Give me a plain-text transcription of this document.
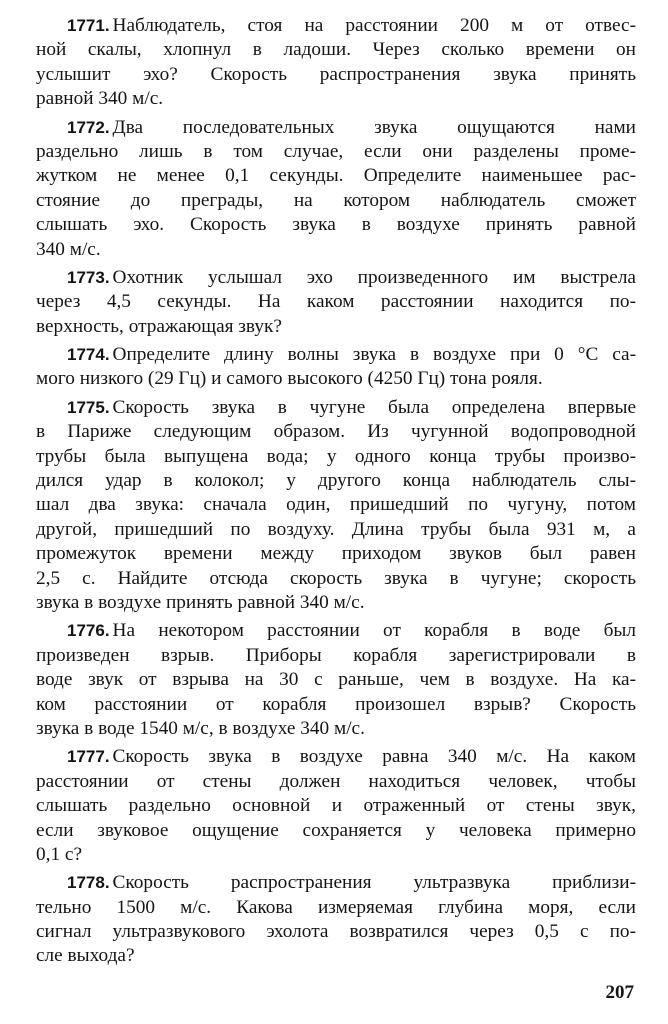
1771. Наблюдатель, стоя на расстоянии 200 м от отвес-
ной скалы, хлопнул в ладоши. Через сколько времени он
услышит эхо? Скорость распространения звука принять
равной 340 м/с.
1772. Два последовательных звука ощущаются нами
раздельно лишь в том случае, если они разделены проме-
жутком не менее 0,1 секунды. Определите наименьшее рас-
стояние до преграды, на котором наблюдатель сможет
слышать эхо. Скорость звука в воздухе принять равной
340 м/с.
1773. Охотник услышал эхо произведенного им выстрела
через 4,5 секунды. На каком расстоянии находится по-
верхность, отражающая звук?
1774. Определите длину волны звука в воздухе при 0 °С са-
мого низкого (29 Гц) и самого высокого (4250 Гц) тона рояля.
1775. Скорость звука в чугуне была определена впервые
в Париже следующим образом. Из чугунной водопроводной
трубы была выпущена вода; у одного конца трубы произво-
дился удар в колокол; у другого конца наблюдатель слы-
шал два звука: сначала один, пришедший по чугуну, потом
другой, пришедший по воздуху. Длина трубы была 931 м, а
промежуток времени между приходом звуков был равен
2,5 с. Найдите отсюда скорость звука в чугуне; скорость
звука в воздухе принять равной 340 м/с.
1776. На некотором расстоянии от корабля в воде был
произведен взрыв. Приборы корабля зарегистрировали в
воде звук от взрыва на 30 с раньше, чем в воздухе. На ка-
ком расстоянии от корабля произошел взрыв? Скорость
звука в воде 1540 м/с, в воздухе 340 м/с.
1777. Скорость звука в воздухе равна 340 м/с. На каком
расстоянии от стены должен находиться человек, чтобы
слышать раздельно основной и отраженный от стены звук,
если звуковое ощущение сохраняется у человека примерно
0,1 с?
1778. Скорость распространения ультразвука приблизи-
тельно 1500 м/с. Какова измеряемая глубина моря, если
сигнал ультразвукового эхолота возвратился через 0,5 с по-
сле выхода?
207
